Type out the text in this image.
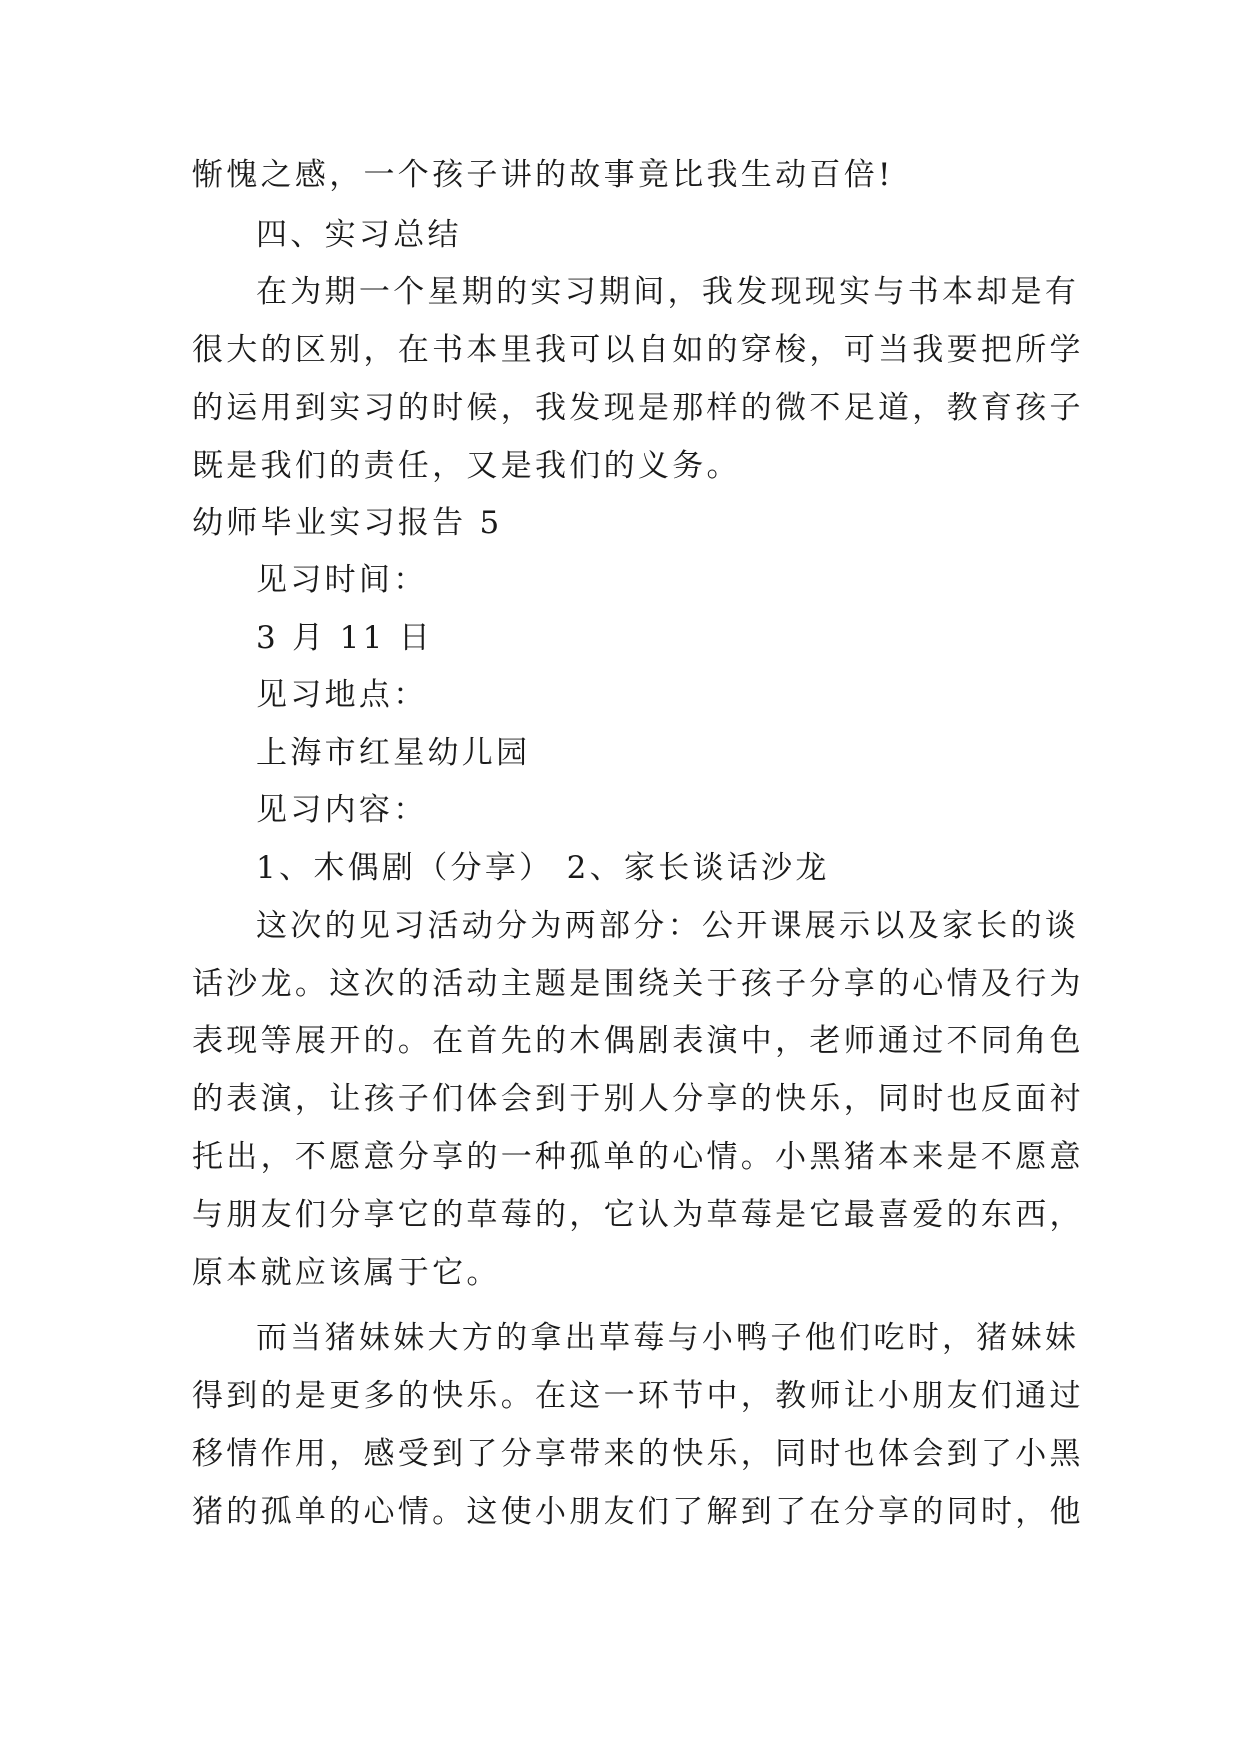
惭愧之感，一个孩子讲的故事竟比我生动百倍!
四、实习总结
在为期一个星期的实习期间，我发现现实与书本却是有
很大的区别，在书本里我可以自如的穿梭，可当我要把所学
的运用到实习的时候，我发现是那样的微不足道，教育孩子
既是我们的责任，又是我们的义务。
幼师毕业实习报告 5
见习时间：
3 月 11 日
见习地点：
上海市红星幼儿园
见习内容：
1、木偶剧（分享） 2、家长谈话沙龙
这次的见习活动分为两部分：公开课展示以及家长的谈
话沙龙。这次的活动主题是围绕关于孩子分享的心情及行为
表现等展开的。在首先的木偶剧表演中，老师通过不同角色
的表演，让孩子们体会到于别人分享的快乐，同时也反面衬
托出，不愿意分享的一种孤单的心情。小黑猪本来是不愿意
与朋友们分享它的草莓的，它认为草莓是它最喜爱的东西，
原本就应该属于它。
而当猪妹妹大方的拿出草莓与小鸭子他们吃时，猪妹妹
得到的是更多的快乐。在这一环节中，教师让小朋友们通过
移情作用，感受到了分享带来的快乐，同时也体会到了小黑
猪的孤单的心情。这使小朋友们了解到了在分享的同时，他
